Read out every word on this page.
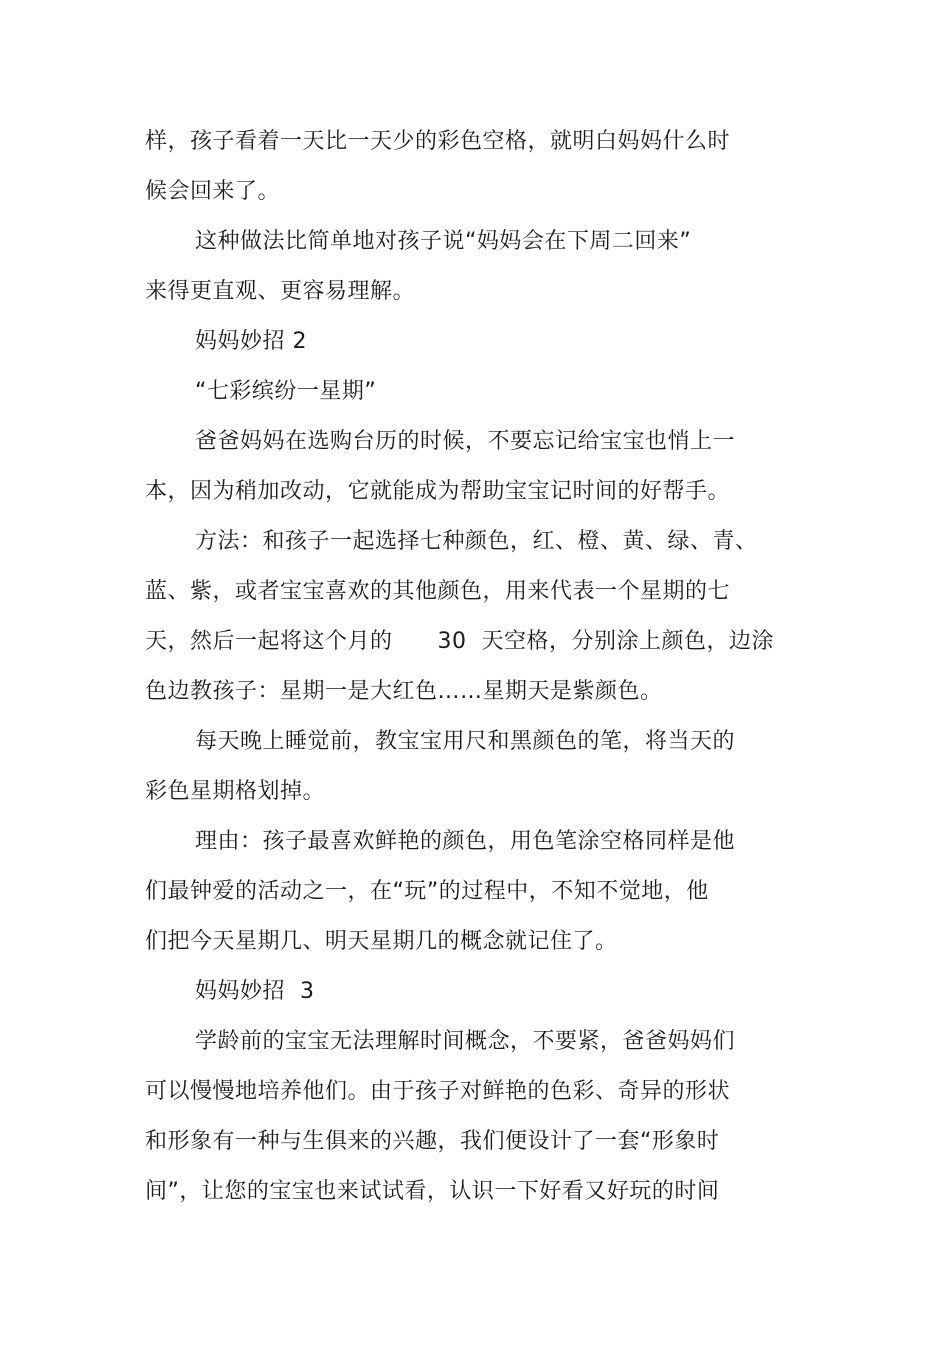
样，孩子看着一天比一天少的彩色空格，就明白妈妈什么时
候会回来了。
这种做法比简单地对孩子说“妈妈会在下周二回来”
来得更直观、更容易理解。
妈妈妙招 2
“七彩缤纷一星期”
爸爸妈妈在选购台历的时候，不要忘记给宝宝也悄上一
本，因为稍加改动，它就能成为帮助宝宝记时间的好帮手。
方法：和孩子一起选择七种颜色，红、橙、黄、绿、青、
蓝、紫，或者宝宝喜欢的其他颜色，用来代表一个星期的七
天，然后一起将这个月的      30  天空格，分别涂上颜色，边涂
色边教孩子：星期一是大红色……星期天是紫颜色。
每天晚上睡觉前，教宝宝用尺和黑颜色的笔，将当天的
彩色星期格划掉。
理由：孩子最喜欢鲜艳的颜色，用色笔涂空格同样是他
们最钟爱的活动之一，在“玩”的过程中，不知不觉地，他
们把今天星期几、明天星期几的概念就记住了。
妈妈妙招  3
学龄前的宝宝无法理解时间概念，不要紧，爸爸妈妈们
可以慢慢地培养他们。由于孩子对鲜艳的色彩、奇异的形状
和形象有一种与生俱来的兴趣，我们便设计了一套“形象时
间”，让您的宝宝也来试试看，认识一下好看又好玩的时间
